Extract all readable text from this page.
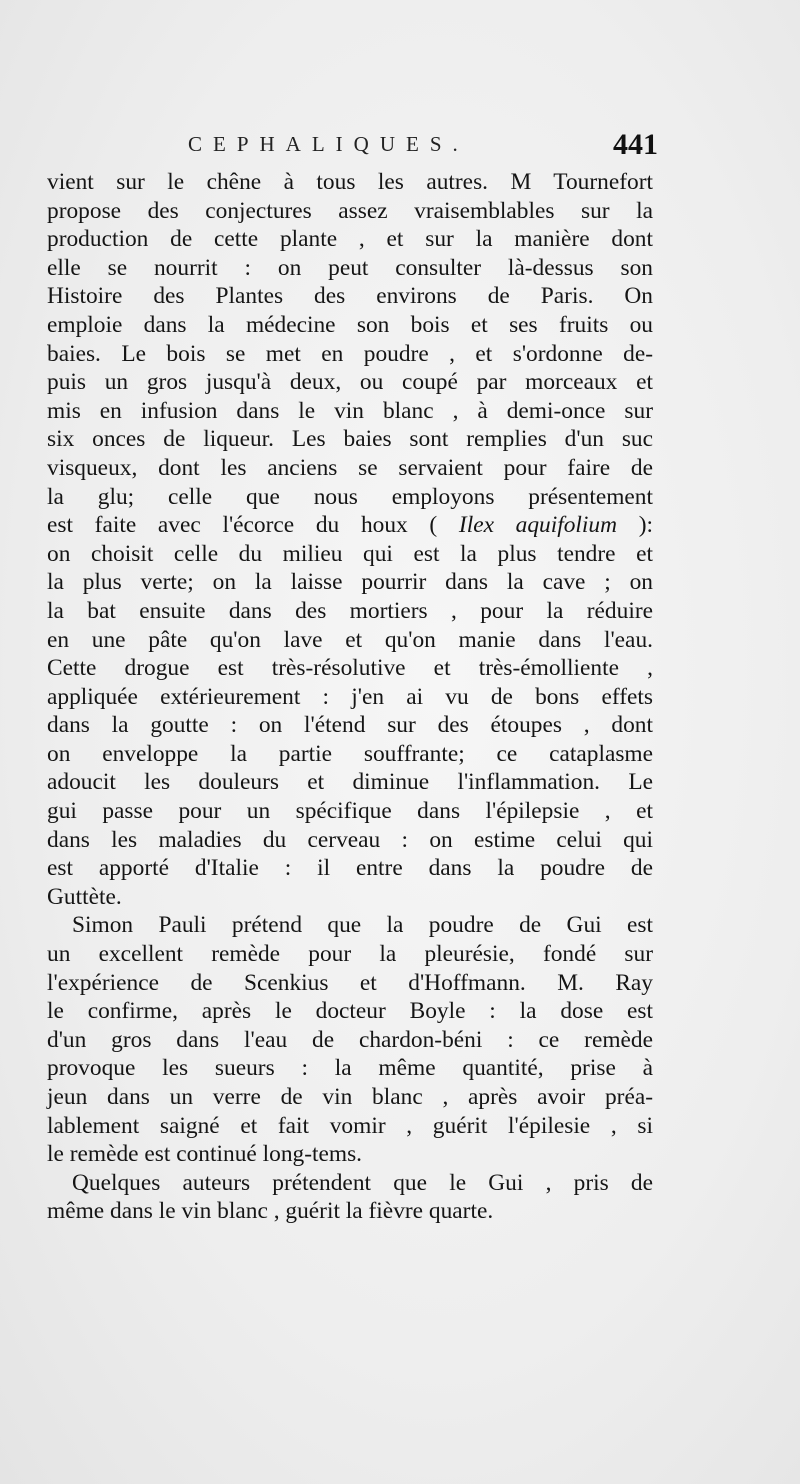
CEPHALIQUES.	441
vient sur le chêne à tous les autres. M Tournefort
propose des conjectures assez vraisemblables sur la
production de cette plante , et sur la manière dont
elle se nourrit : on peut consulter là-dessus son
Histoire des Plantes des environs de Paris. On
emploie dans la médecine son bois et ses fruits ou
baies. Le bois se met en poudre , et s'ordonne de-
puis un gros jusqu'à deux, ou coupé par morceaux et
mis en infusion dans le vin blanc , à demi-once sur
six onces de liqueur. Les baies sont remplies d'un suc
visqueux, dont les anciens se servaient pour faire de
la glu; celle que nous employons présentement
est faite avec l'écorce du houx ( Ilex aquifolium ):
on choisit celle du milieu qui est la plus tendre et
la plus verte; on la laisse pourrir dans la cave ; on
la bat ensuite dans des mortiers , pour la réduire
en une pâte qu'on lave et qu'on manie dans l'eau.
Cette drogue est très-résolutive et très-émolliente ,
appliquée extérieurement : j'en ai vu de bons effets
dans la goutte : on l'étend sur des étoupes , dont
on enveloppe la partie souffrante; ce cataplasme
adoucit les douleurs et diminue l'inflammation. Le
gui passe pour un spécifique dans l'épilepsie , et
dans les maladies du cerveau : on estime celui qui
est apporté d'Italie : il entre dans la poudre de
Guttète.
Simon Pauli prétend que la poudre de Gui est
un excellent remède pour la pleurésie, fondé sur
l'expérience de Scenkius et d'Hoffmann. M. Ray
le confirme, après le docteur Boyle : la dose est
d'un gros dans l'eau de chardon-béni : ce remède
provoque les sueurs : la même quantité, prise à
jeun dans un verre de vin blanc , après avoir préa-
lablement saigné et fait vomir , guérit l'épilesie , si
le remède est continué long-tems.
Quelques auteurs prétendent que le Gui , pris de
même dans le vin blanc , guérit la fièvre quarte.
